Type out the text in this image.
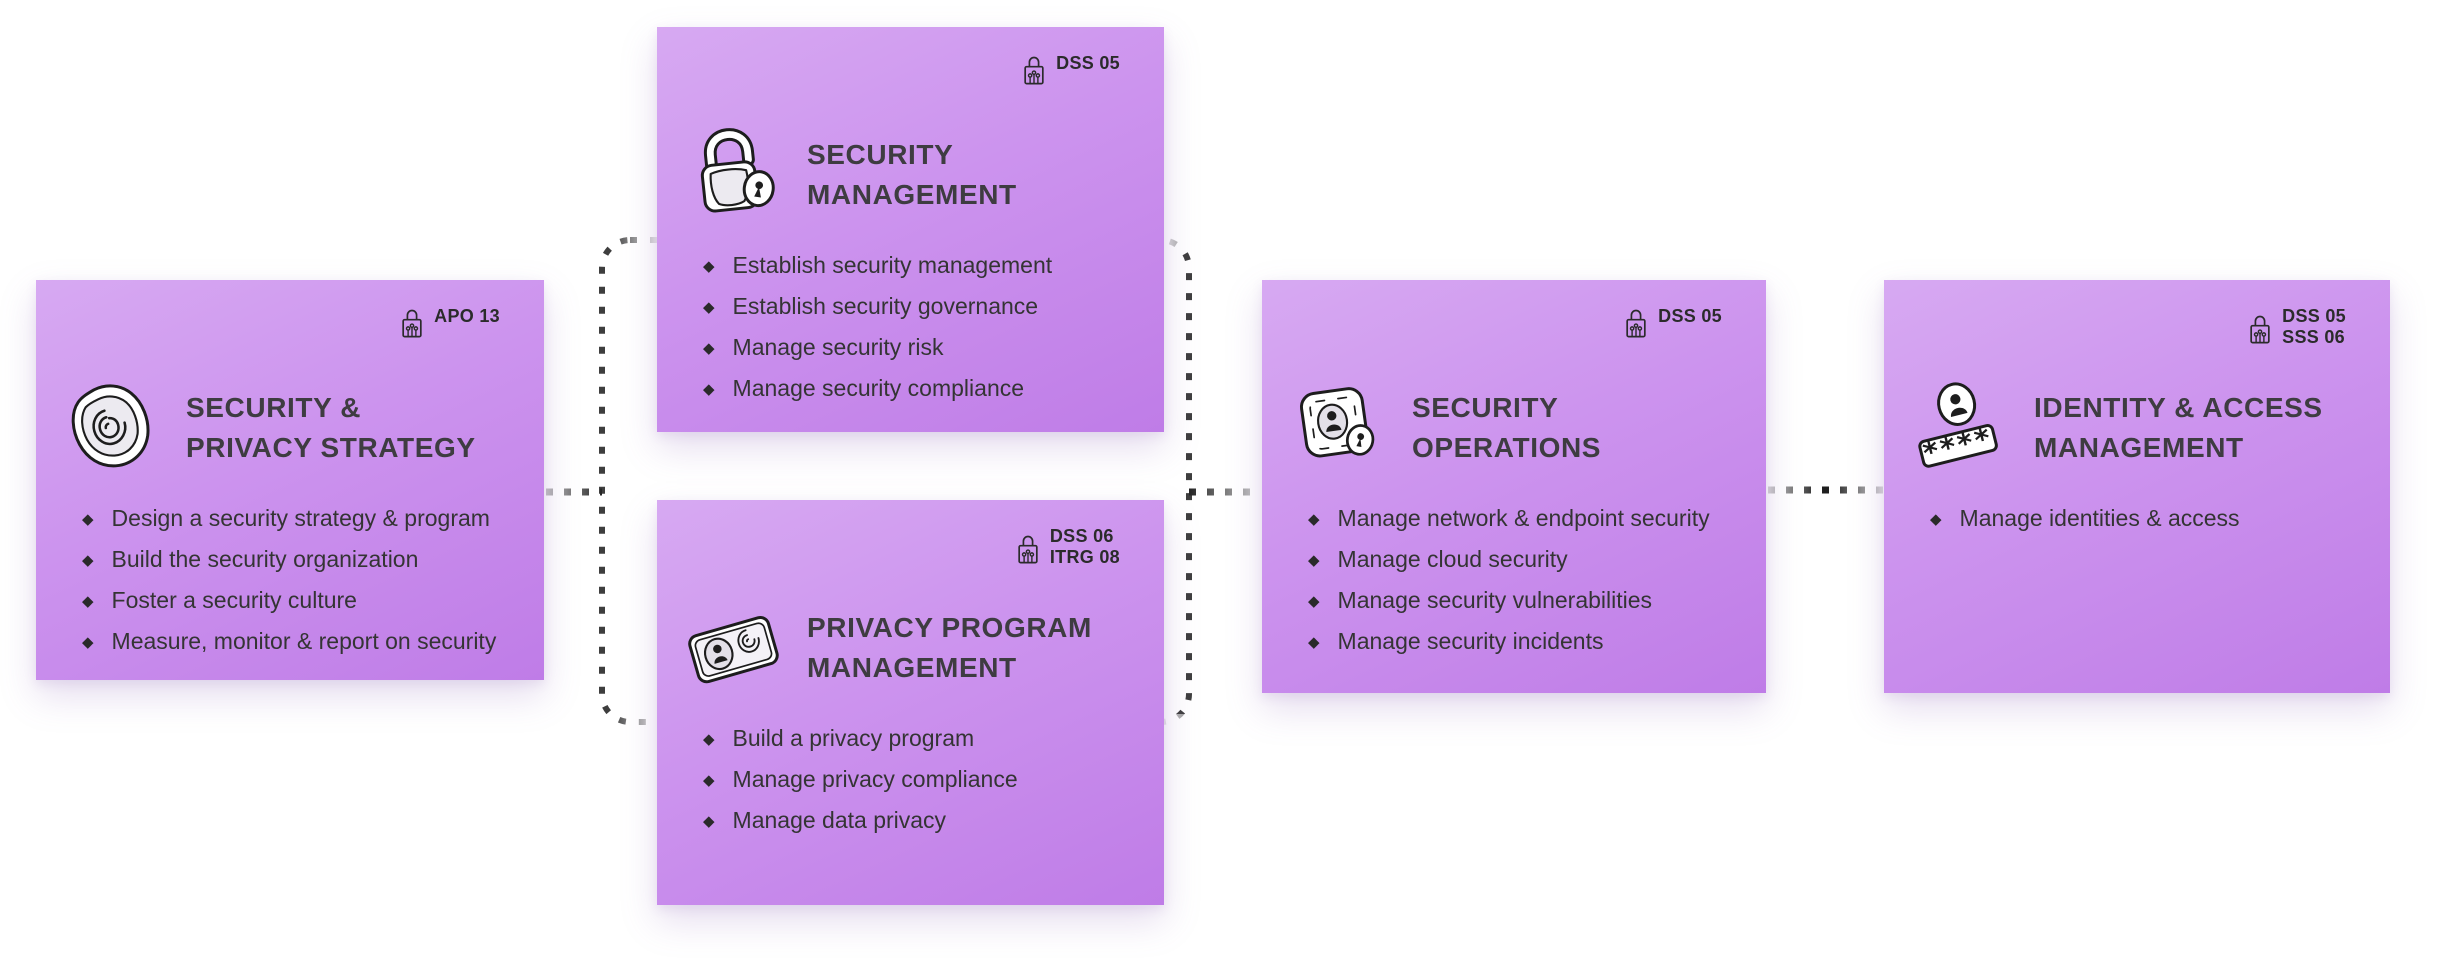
APO 13
SECURITY &
PRIVACY STRATEGY
◆ Design a security strategy & program
◆ Build the security organization
◆ Foster a security culture
◆ Measure, monitor & report on security
DSS 05
SECURITY
MANAGEMENT
◆ Establish security management
◆ Establish security governance
◆ Manage security risk
◆ Manage security compliance
DSS 06
ITRG 08
PRIVACY PROGRAM
MANAGEMENT
◆ Build a privacy program
◆ Manage privacy compliance
◆ Manage data privacy
DSS 05
SECURITY
OPERATIONS
◆ Manage network & endpoint security
◆ Manage cloud security
◆ Manage security vulnerabilities
◆ Manage security incidents
DSS 05
SSS 06
IDENTITY & ACCESS
MANAGEMENT
◆ Manage identities & access
